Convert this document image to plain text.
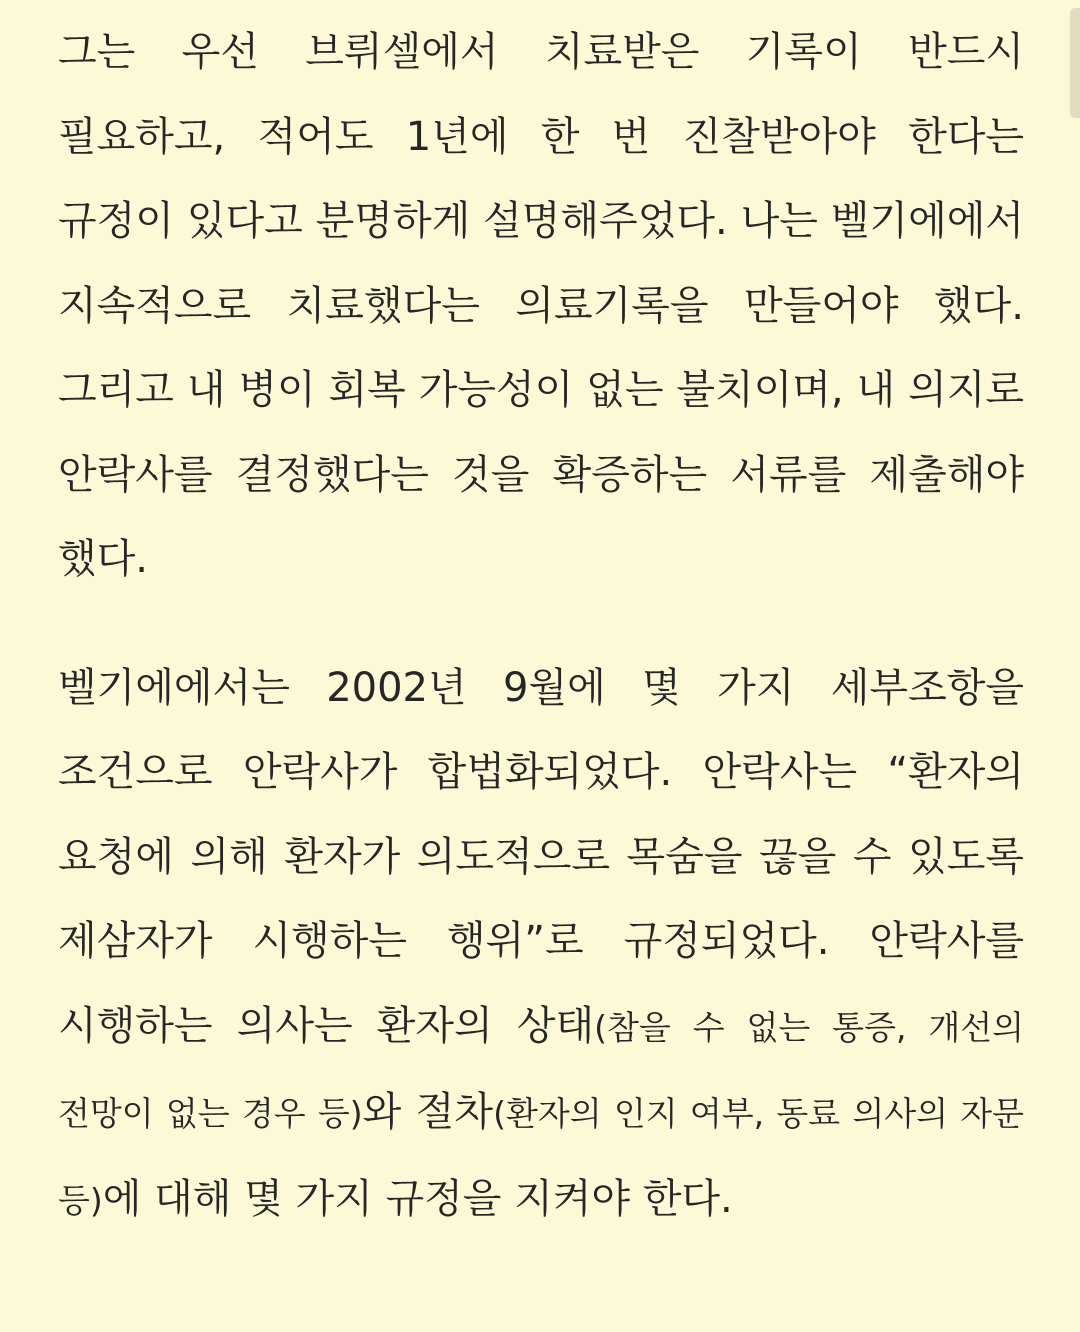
그는 우선 브뤼셀에서 치료받은 기록이 반드시 필요하고, 적어도 1년에 한 번 진찰받아야 한다는 규정이 있다고 분명하게 설명해주었다. 나는 벨기에에서 지속적으로 치료했다는 의료기록을 만들어야 했다. 그리고 내 병이 회복 가능성이 없는 불치이며, 내 의지로 안락사를 결정했다는 것을 확증하는 서류를 제출해야 했다.

벨기에에서는 2002년 9월에 몇 가지 세부조항을 조건으로 안락사가 합법화되었다. 안락사는 “환자의 요청에 의해 환자가 의도적으로 목숨을 끊을 수 있도록 제삼자가 시행하는 행위”로 규정되었다. 안락사를 시행하는 의사는 환자의 상태(참을 수 없는 통증, 개선의 전망이 없는 경우 등)와 절차(환자의 인지 여부, 동료 의사의 자문 등)에 대해 몇 가지 규정을 지켜야 한다.
